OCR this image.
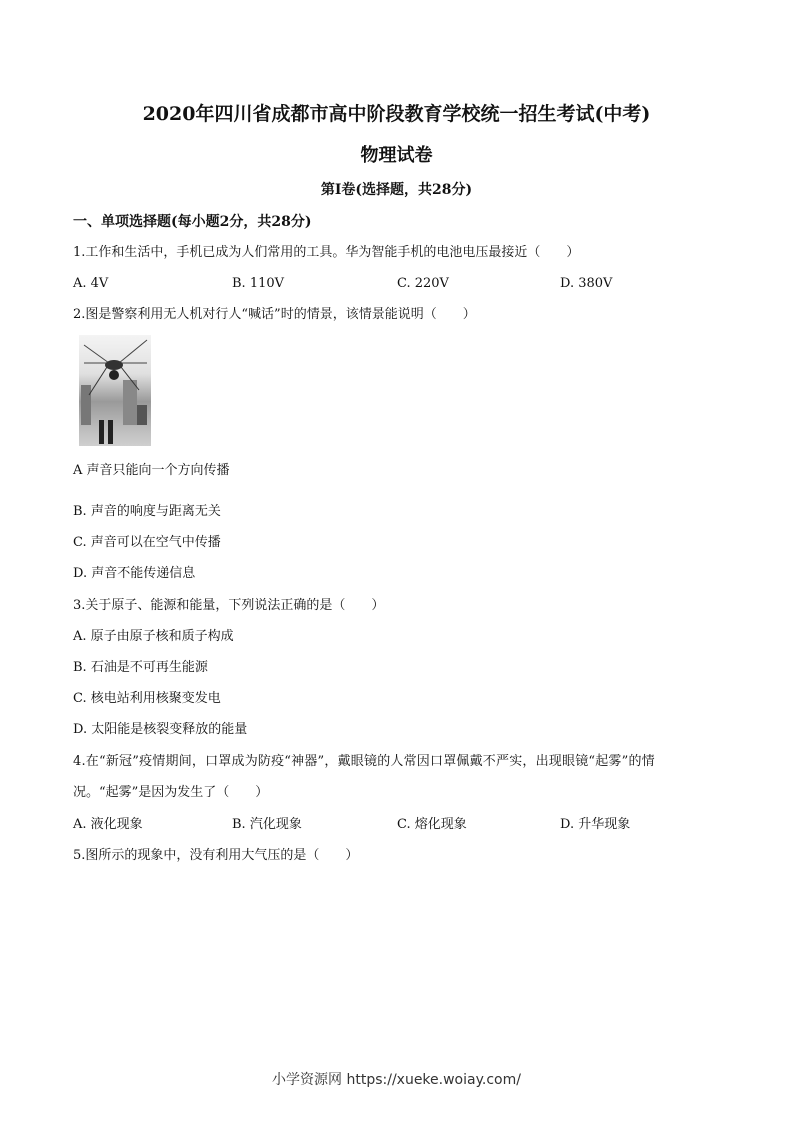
2020年四川省成都市高中阶段教育学校统一招生考试(中考)
物理试卷
第I卷(选择题，共28分)
一、单项选择题(每小题2分，共28分)
1.工作和生活中，手机已成为人们常用的工具。华为智能手机的电池电压最接近（　　）
A. 4V	B. 110V	C. 220V	D. 380V
2.图是警察利用无人机对行人“喊话”时的情景，该情景能说明（　　）
A 声音只能向一个方向传播
B. 声音的响度与距离无关
C. 声音可以在空气中传播
D. 声音不能传递信息
3.关于原子、能源和能量，下列说法正确的是（　　）
A. 原子由原子核和质子构成
B. 石油是不可再生能源
C. 核电站利用核聚变发电
D. 太阳能是核裂变释放的能量
4.在“新冠”疫情期间，口罩成为防疫“神器”，戴眼镜的人常因口罩佩戴不严实，出现眼镜“起雾”的情
况。“起雾”是因为发生了（　　）
A. 液化现象	B. 汽化现象	C. 熔化现象	D. 升华现象
5.图所示的现象中，没有利用大气压的是（　　）
小学资源网 https://xueke.woiay.com/
